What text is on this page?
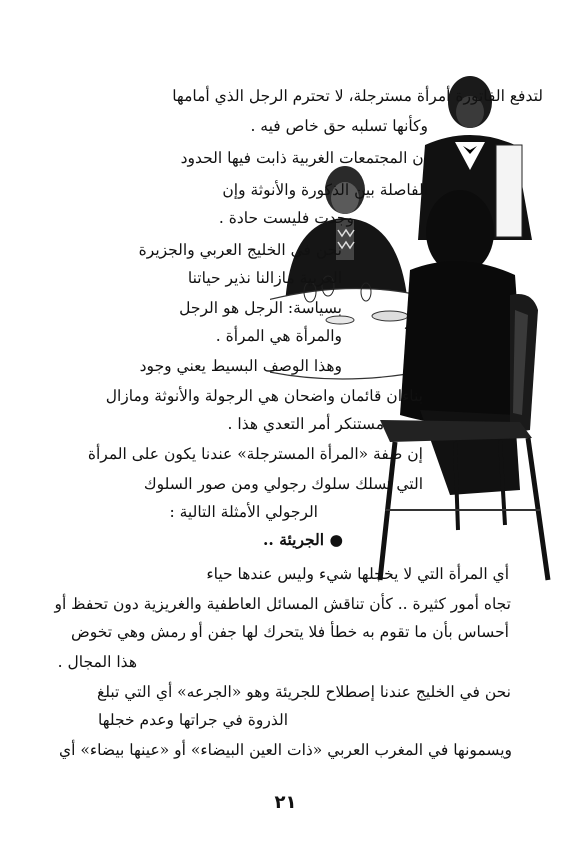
لتدفع الفاتورة أمرأة مسترجلة، لا تحترم الرجل الذي أمامها
وكأنها تسلبه حق خاص فيه .
إن المجتمعات الغربية ذابت فيها الحدود
الفاصلة بين الذكورة والأنوثة وإن
وجدت فليست حادة .
نحن في الخليج العربي والجزيرة
العربية مازالنا نذير حياتنا
بسياسة: الرجل هو الرجل
والمرأة هي المرأة .
وهذا الوصف البسيط يعني وجود
بناءان قائمان واضحان هي الرجولة والأنوثة ومازال
مستنكر أمر التعدي هذا .
إن صفة «المرأة المسترجلة» عندنا يكون على المرأة
التي تسلك سلوك رجولي ومن صور السلوك
الرجولي الأمثلة التالية :
● الجريئة ..
أي المرأة التي لا يخجلها شيء وليس عندها حياء
تجاه أمور كثيرة .. كأن تناقش المسائل العاطفية والغريزية دون تحفظ أو
أحساس بأن ما تقوم به خطأ فلا يتحرك لها جفن أو رمش وهي تخوض
هذا المجال .
نحن في الخليج عندنا إصطلاح للجريئة وهو «الجرعه» أي التي تبلغ
الذروة في جراتها وعدم خجلها
ويسمونها في المغرب العربي «ذات العين البيضاء» أو «عينها بيضاء» أي
٢١
